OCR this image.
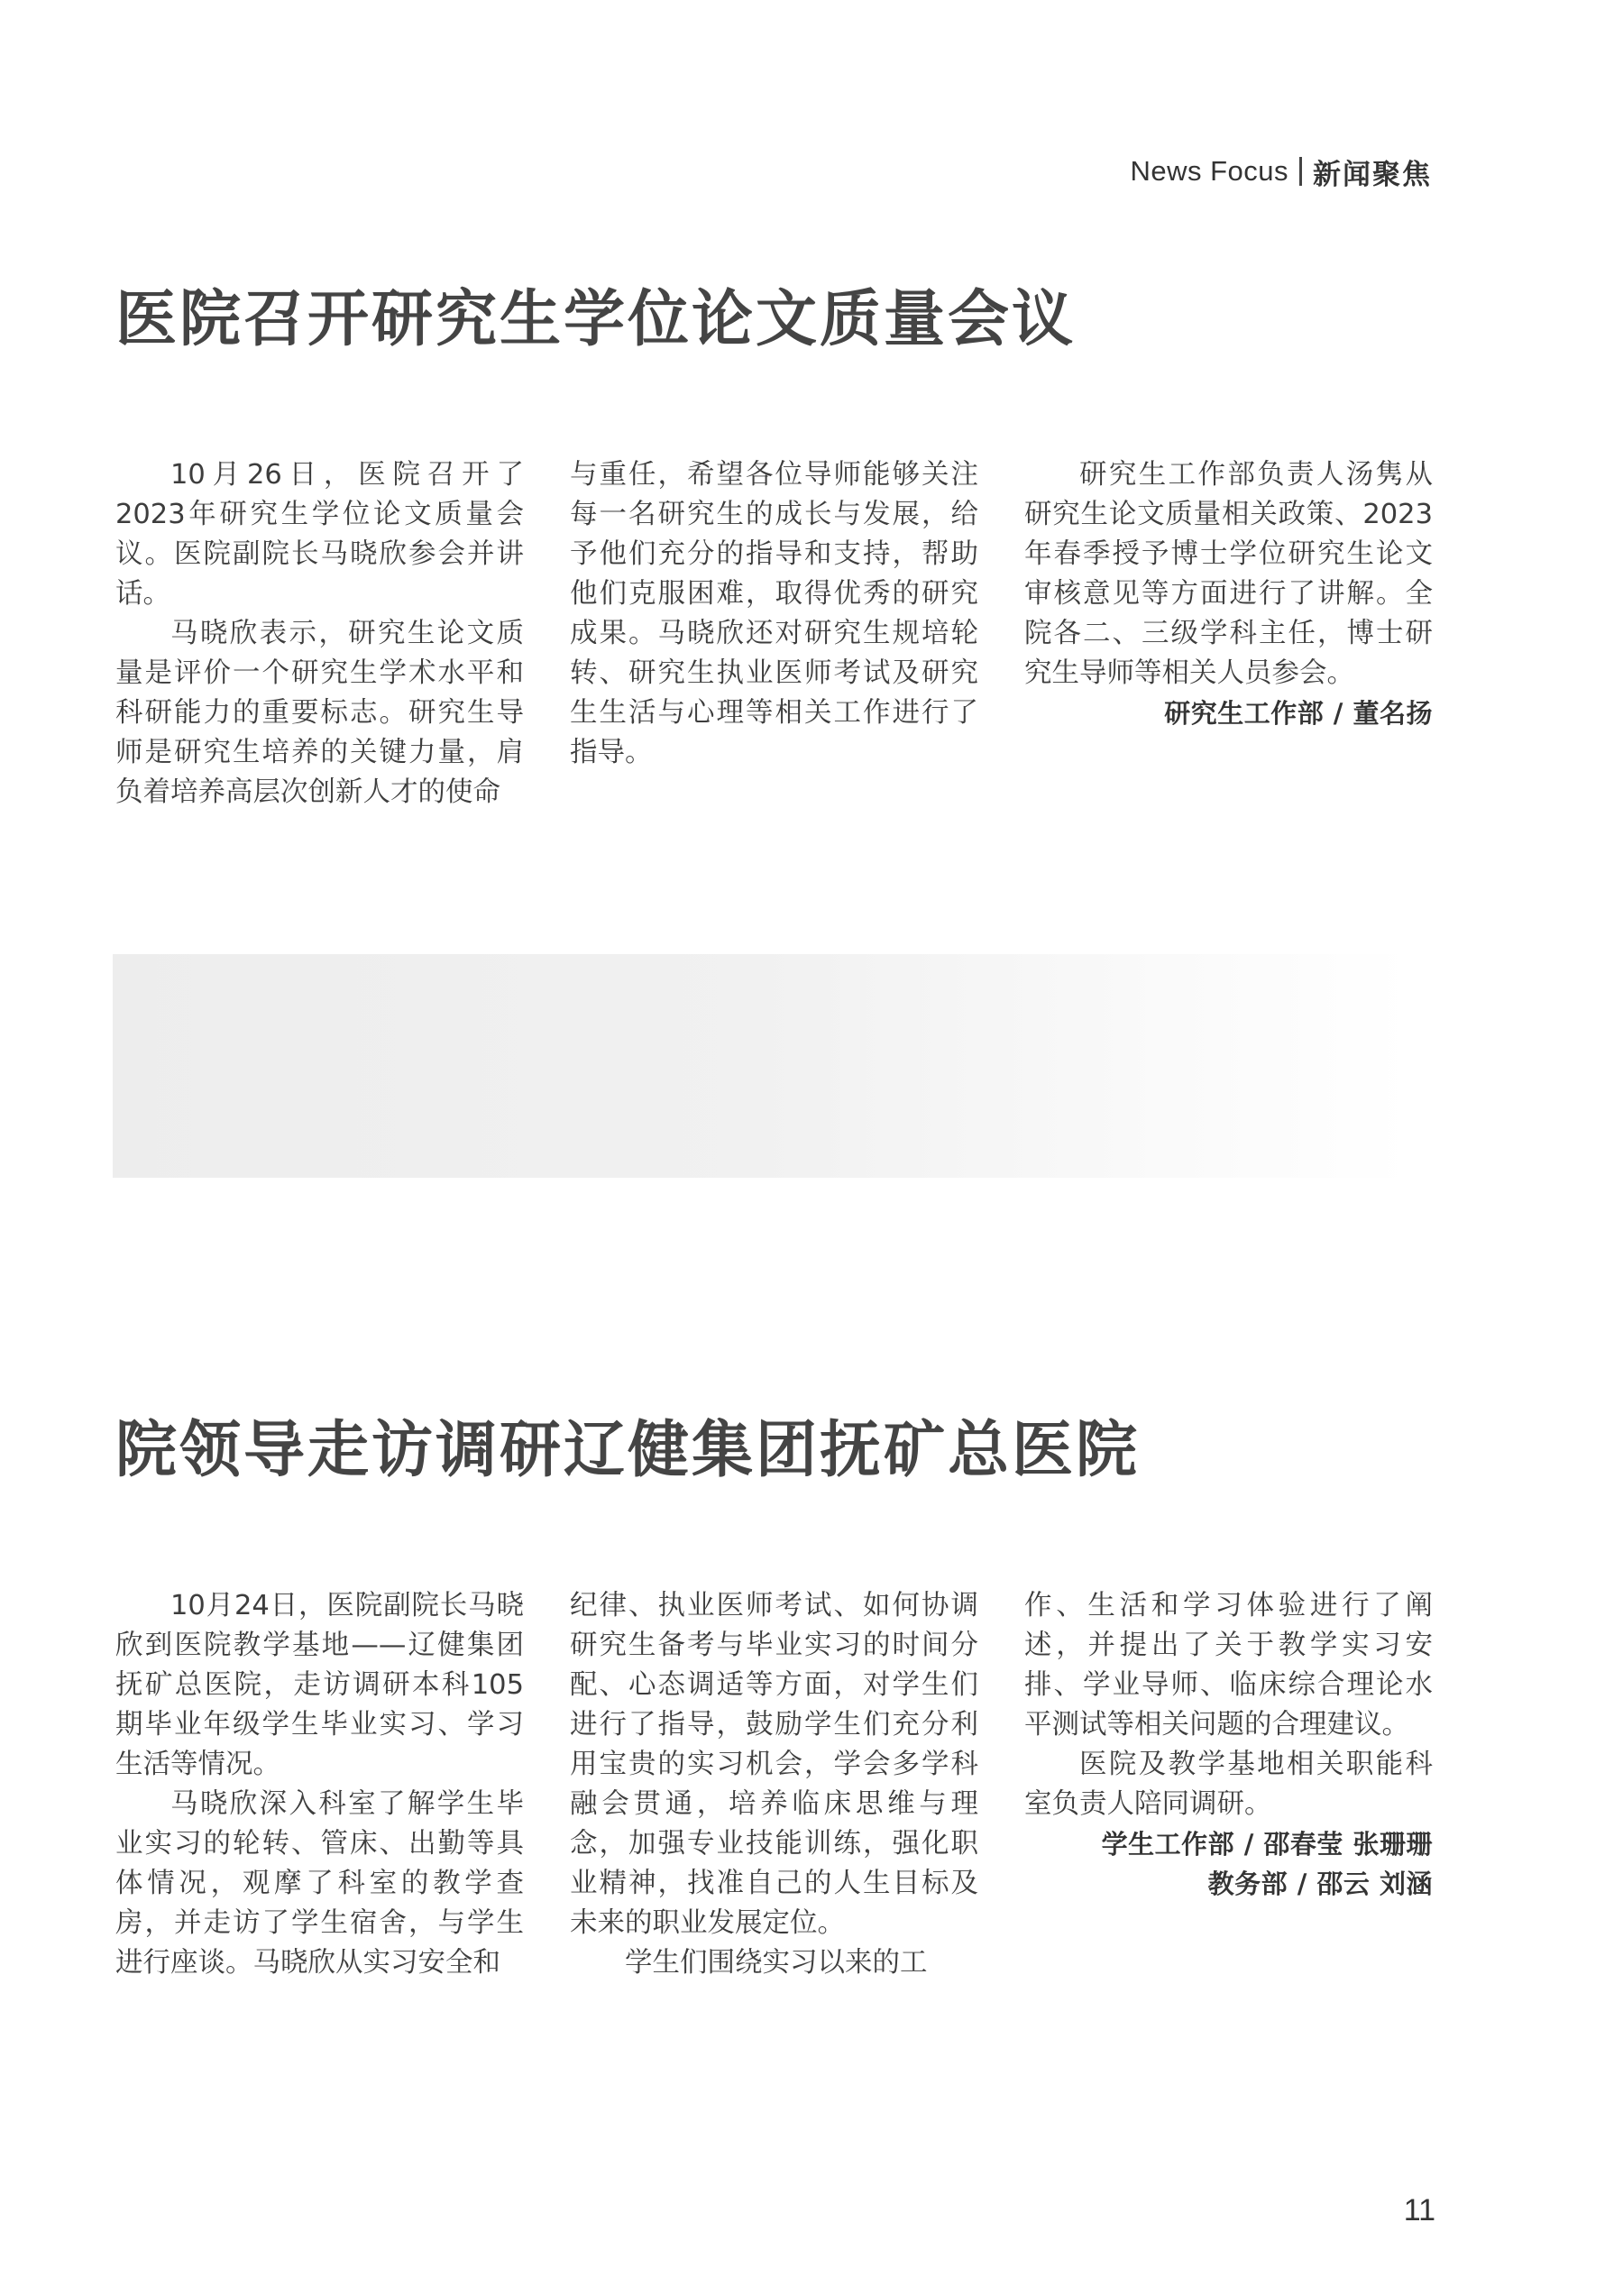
News Focus 新闻聚焦
医院召开研究生学位论文质量会议

10月26日，医院召开了2023年研究生学位论文质量会议。医院副院长马晓欣参会并讲话。

马晓欣表示，研究生论文质量是评价一个研究生学术水平和科研能力的重要标志。研究生导师是研究生培养的关键力量，肩负着培养高层次创新人才的使命

与重任，希望各位导师能够关注每一名研究生的成长与发展，给予他们充分的指导和支持，帮助他们克服困难，取得优秀的研究成果。马晓欣还对研究生规培轮转、研究生执业医师考试及研究生生活与心理等相关工作进行了指导。

研究生工作部负责人汤隽从研究生论文质量相关政策、2023年春季授予博士学位研究生论文审核意见等方面进行了讲解。全院各二、三级学科主任，博士研究生导师等相关人员参会。

研究生工作部 / 董名扬

院领导走访调研辽健集团抚矿总医院

10月24日，医院副院长马晓欣到医院教学基地——辽健集团抚矿总医院，走访调研本科105期毕业年级学生毕业实习、学习生活等情况。

马晓欣深入科室了解学生毕业实习的轮转、管床、出勤等具体情况，观摩了科室的教学查房，并走访了学生宿舍，与学生进行座谈。马晓欣从实习安全和

纪律、执业医师考试、如何协调研究生备考与毕业实习的时间分配、心态调适等方面，对学生们进行了指导，鼓励学生们充分利用宝贵的实习机会，学会多学科融会贯通，培养临床思维与理念，加强专业技能训练，强化职业精神，找准自己的人生目标及未来的职业发展定位。

学生们围绕实习以来的工

作、生活和学习体验进行了阐述，并提出了关于教学实习安排、学业导师、临床综合理论水平测试等相关问题的合理建议。

医院及教学基地相关职能科室负责人陪同调研。

学生工作部 / 邵春莹 张珊珊

教务部 / 邵云 刘涵

11
